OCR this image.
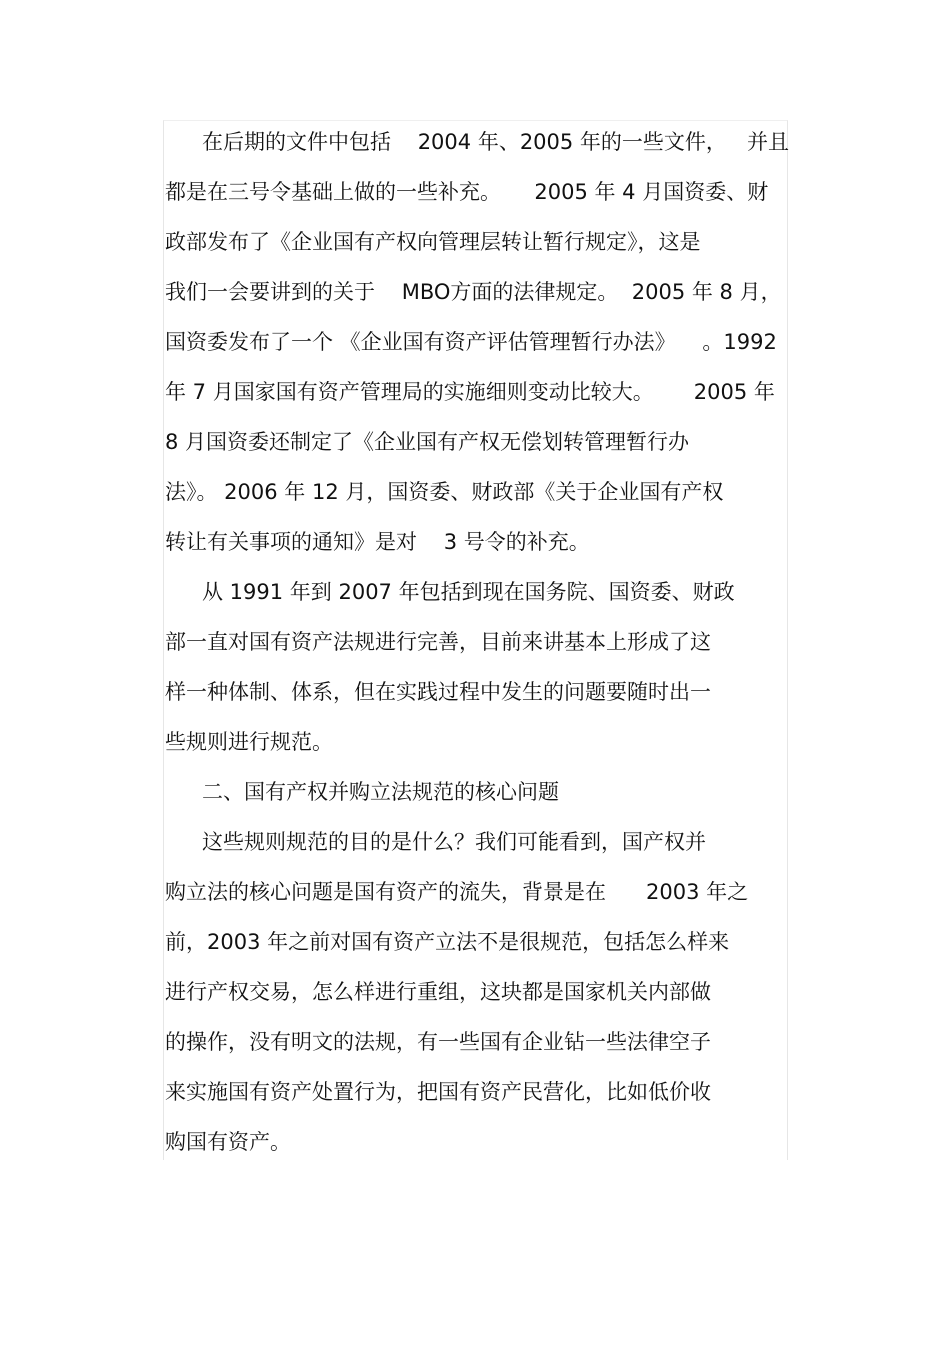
在后期的文件中包括    2004 年、2005 年的一些文件，   并且
都是在三号令基础上做的一些补充。     2005 年 4 月国资委、财
政部发布了《企业国有产权向管理层转让暂行规定》，这是
我们一会要讲到的关于    MBO方面的法律规定。  2005 年 8 月，
国资委发布了一个 《企业国有资产评估管理暂行办法》    。1992
年 7 月国家国有资产管理局的实施细则变动比较大。      2005 年
8 月国资委还制定了《企业国有产权无偿划转管理暂行办
法》。 2006 年 12 月，国资委、财政部《关于企业国有产权
转让有关事项的通知》是对    3 号令的补充。
从 1991 年到 2007 年包括到现在国务院、国资委、财政
部一直对国有资产法规进行完善，目前来讲基本上形成了这
样一种体制、体系，但在实践过程中发生的问题要随时出一
些规则进行规范。
二、国有产权并购立法规范的核心问题
这些规则规范的目的是什么？我们可能看到，国产权并
购立法的核心问题是国有资产的流失，背景是在      2003 年之
前，2003 年之前对国有资产立法不是很规范，包括怎么样来
进行产权交易，怎么样进行重组，这块都是国家机关内部做
的操作，没有明文的法规，有一些国有企业钻一些法律空子
来实施国有资产处置行为，把国有资产民营化，比如低价收
购国有资产。
